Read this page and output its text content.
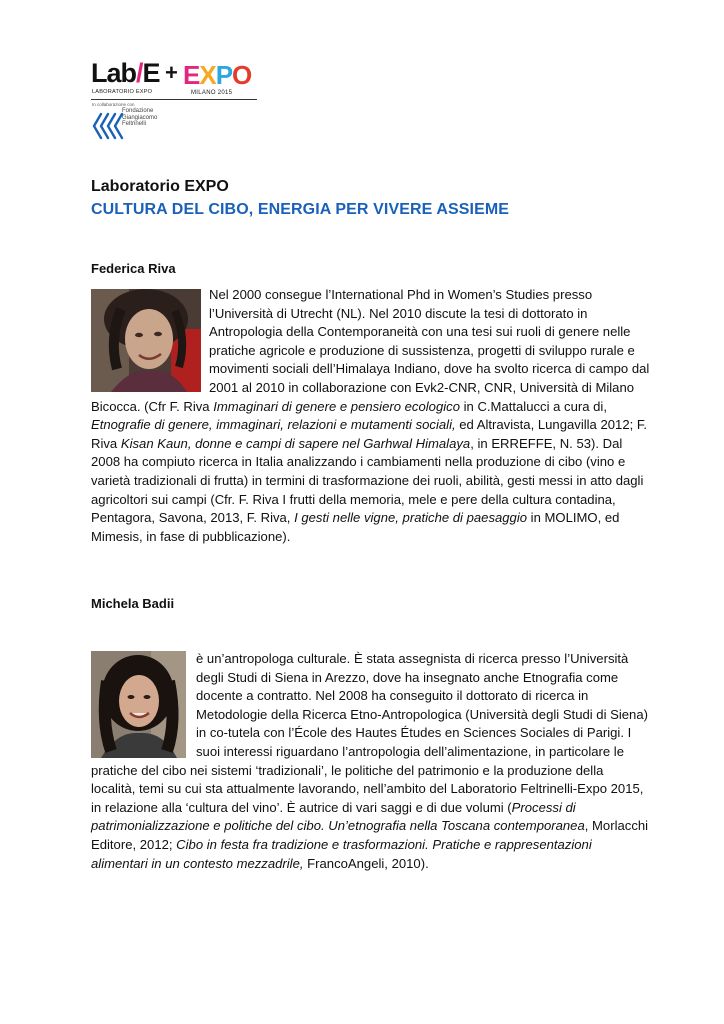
Lab/E
LABORATORIO EXPO
+ EXPO
MILANO 2015
In collaborazione con
Fondazione
Giangiacomo
Feltrinelli
Laboratorio EXPO
CULTURA DEL CIBO, ENERGIA PER VIVERE ASSIEME
Federica Riva

Nel 2000 consegue l’International Phd in Women’s Studies presso l’Università di Utrecht (NL). Nel 2010 discute la tesi di dottorato in Antropologia della Contemporaneità con una tesi sui ruoli di genere nelle pratiche agricole e produzione di sussistenza, progetti di sviluppo rurale e movimenti sociali dell’Himalaya Indiano, dove ha svolto ricerca di campo dal 2001 al 2010 in collaborazione con Evk2-CNR, CNR, Università di Milano Bicocca. (Cfr F. Riva Immaginari di genere e pensiero ecologico in C.Mattalucci a cura di, Etnografie di genere, immaginari, relazioni e mutamenti sociali, ed Altravista, Lungavilla 2012; F. Riva Kisan Kaun, donne e campi di sapere nel Garhwal Himalaya, in ERREFFE, N. 53). Dal 2008 ha compiuto ricerca in Italia analizzando i cambiamenti nella produzione di cibo (vino e varietà tradizionali di frutta) in termini di trasformazione dei ruoli, abilità, gesti messi in atto dagli agricoltori sui campi (Cfr. F. Riva I frutti della memoria, mele e pere della cultura contadina, Pentagora, Savona, 2013, F. Riva, I gesti nelle vigne, pratiche di paesaggio in MOLIMO, ed Mimesis, in fase di pubblicazione).

Michela Badii

è un’antropologa culturale. È stata assegnista di ricerca presso l’Università degli Studi di Siena in Arezzo, dove ha insegnato anche Etnografia come docente a contratto. Nel 2008 ha conseguito il dottorato di ricerca in Metodologie della Ricerca Etno-Antropologica (Università degli Studi di Siena) in co-tutela con l’École des Hautes Études en Sciences Sociales di Parigi. I suoi interessi riguardano l’antropologia dell’alimentazione, in particolare le pratiche del cibo nei sistemi ‘tradizionali’, le politiche del patrimonio e la produzione della località, temi su cui sta attualmente lavorando, nell’ambito del Laboratorio Feltrinelli-Expo 2015, in relazione alla ‘cultura del vino’. È autrice di vari saggi e di due volumi (Processi di patrimonializzazione e politiche del cibo. Un’etnografia nella Toscana contemporanea, Morlacchi Editore, 2012; Cibo in festa fra tradizione e trasformazioni. Pratiche e rappresentazioni alimentari in un contesto mezzadrile, FrancoAngeli, 2010).
